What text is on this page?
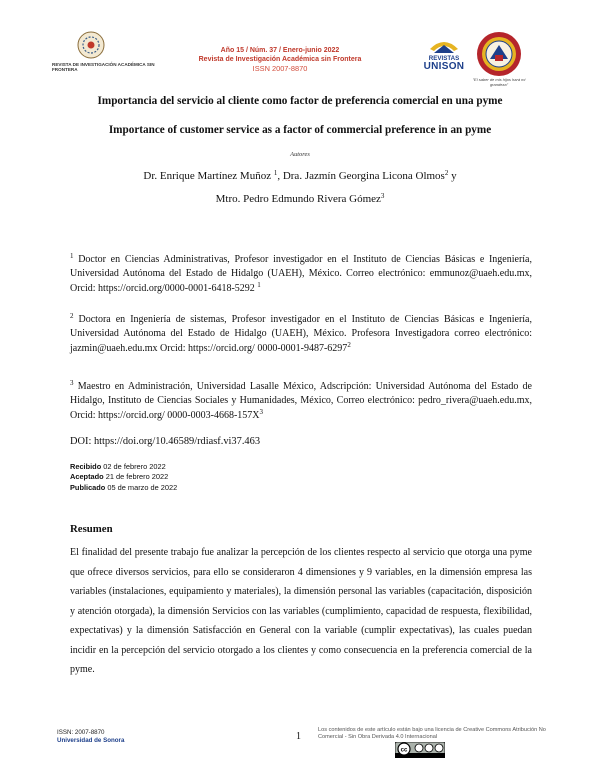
REVISTA DE INVESTIGACIÓN ACADÉMICA SIN FRONTERA
Año 15 / Núm. 37 / Enero-junio 2022
Revista de Investigación Académica sin Frontera
ISSN 2007-8870
REVISTAS
UNISON
"El saber de mis hijos hará mi grandeza"
Importancia del servicio al cliente como factor de preferencia comercial en una pyme
Importance of customer service as a factor of commercial preference in an pyme
Autores
Dr. Enrique Martínez Muñoz $^1$, Dra. Jazmín Georgina Licona Olmos$^2$ y
Mtro. Pedro Edmundo Rivera Gómez$^3$
$^1$ Doctor en Ciencias Administrativas, Profesor investigador en el Instituto de Ciencias Básicas e Ingeniería, Universidad Autónoma del Estado de Hidalgo (UAEH), México. Correo electrónico: emmunoz@uaeh.edu.mx, Orcid: https://orcid.org/0000-0001-6418-5292 $^1$
$^2$ Doctora en Ingeniería de sistemas, Profesor investigador en el Instituto de Ciencias Básicas e Ingeniería, Universidad Autónoma del Estado de Hidalgo (UAEH), México. Profesora Investigadora correo electrónico: jazmin@uaeh.edu.mx Orcid: https://orcid.org/ 0000-0001-9487-6297$^2$
$^3$ Maestro en Administración, Universidad Lasalle México, Adscripción: Universidad Autónoma del Estado de Hidalgo, Instituto de Ciencias Sociales y Humanidades, México, Correo electrónico: pedro_rivera@uaeh.edu.mx, Orcid: https://orcid.org/ $0000-0003-4668-157X^3$
DOI: https://doi.org/10.46589/rdiasf.vi37.463
Recibido 02 de febrero 2022
Aceptado 21 de febrero 2022
Publicado 05 de marzo de 2022
Resumen
El finalidad del presente trabajo fue analizar la percepción de los clientes respecto al servicio que otorga una pyme que ofrece diversos servicios, para ello se consideraron 4 dimensiones y 9 variables, en la dimensión empresa las variables (instalaciones, equipamiento y materiales), la dimensión personal las variables (capacitación, disposición y atención otorgada), la dimensión Servicios con las variables (cumplimiento, capacidad de respuesta, flexibilidad, expectativas) y la dimensión Satisfacción en General con la variable (cumplir expectativas), las cuales puedan incidir en la percepción del servicio otorgado a los clientes y como consecuencia en la preferencia comercial de la pyme.
ISSN: 2007-8870
Universidad de Sonora	1
Los contenidos de este artículo están bajo una licencia de Creative Commons Atribución No Comercial - Sin Obra Derivada 4.0 Internacional
cc
